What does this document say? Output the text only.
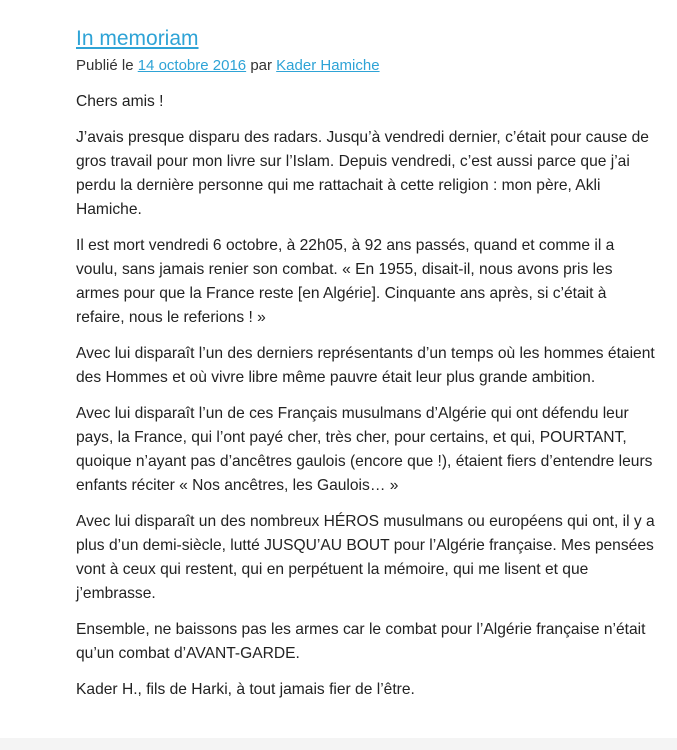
In memoriam
Publié le 14 octobre 2016 par Kader Hamiche

Chers amis !

J’avais presque disparu des radars. Jusqu’à vendredi dernier, c’était pour cause de gros travail pour mon livre sur l’Islam. Depuis vendredi, c’est aussi parce que j’ai perdu la dernière personne qui me rattachait à cette religion : mon père, Akli Hamiche.

Il est mort vendredi 6 octobre, à 22h05, à 92 ans passés, quand et comme il a voulu, sans jamais renier son combat. « En 1955, disait-il, nous avons pris les armes pour que la France reste [en Algérie]. Cinquante ans après, si c’était à refaire, nous le referions ! »

Avec lui disparaît l’un des derniers représentants d’un temps où les hommes étaient des Hommes et où vivre libre même pauvre était leur plus grande ambition.

Avec lui disparaît l’un de ces Français musulmans d’Algérie qui ont défendu leur pays, la France, qui l’ont payé cher, très cher, pour certains, et qui, POURTANT, quoique n’ayant pas d’ancêtres gaulois (encore que !), étaient fiers d’entendre leurs enfants réciter « Nos ancêtres, les Gaulois… »

Avec lui disparaît un des nombreux HÉROS musulmans ou européens qui ont, il y a plus d’un demi-siècle, lutté JUSQU’AU BOUT pour l’Algérie française. Mes pensées vont à ceux qui restent, qui en perpétuent la mémoire, qui me lisent et que j’embrasse.

Ensemble, ne baissons pas les armes car le combat pour l’Algérie française n’était qu’un combat d’AVANT-GARDE.

Kader H., fils de Harki, à tout jamais fier de l’être.
